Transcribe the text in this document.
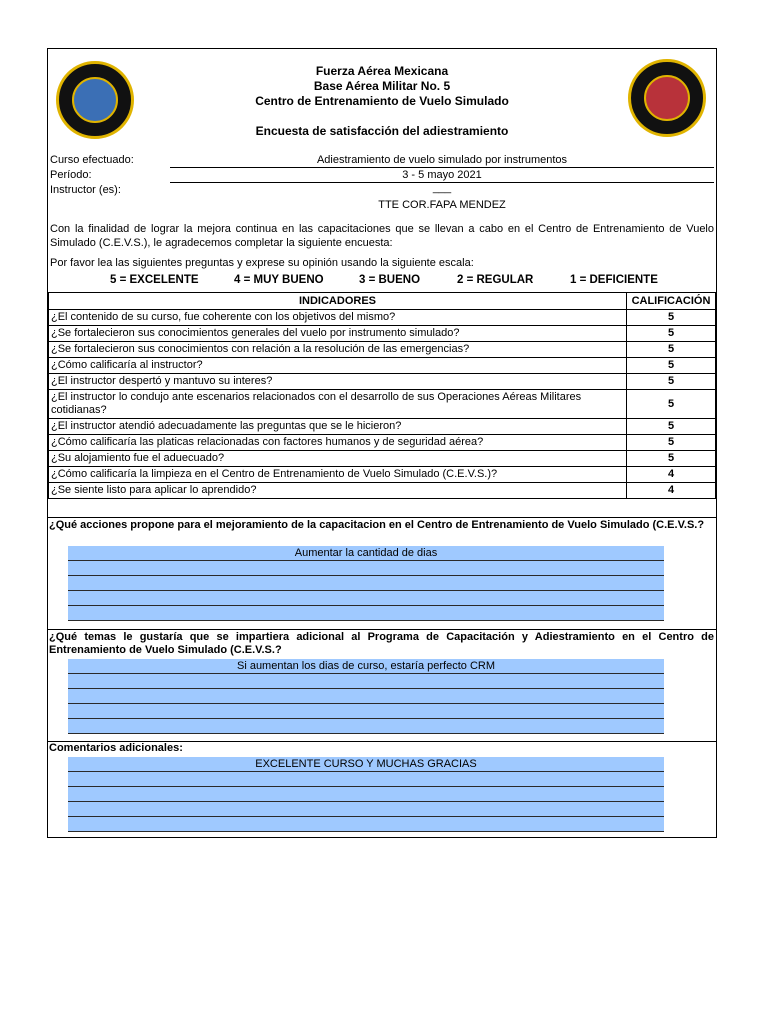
Fuerza Aérea Mexicana
Base Aérea Militar No. 5
Centro de Entrenamiento de Vuelo Simulado
Encuesta de satisfacción del adiestramiento
Curso efectuado:	Adiestramiento de vuelo simulado por instrumentos
Período:	3 - 5 mayo 2021
Instructor (es):	___
TTE COR.FAPA MENDEZ
Con la finalidad de lograr la mejora continua en las capacitaciones que se llevan a cabo en el Centro de Entrenamiento de Vuelo Simulado (C.E.V.S.), le agradecemos completar la siguiente encuesta:
Por favor lea las siguientes preguntas y exprese su opinión usando la siguiente escala:
5 = EXCELENTE	4 = MUY BUENO	3 = BUENO	2 = REGULAR	1 = DEFICIENTE
INDICADORES	CALIFICACIÓN
¿El contenido de su curso, fue coherente con los objetivos del mismo?	5
¿Se fortalecieron sus conocimientos generales del vuelo por instrumento simulado?	5
¿Se fortalecieron sus conocimientos con relación a la resolución de las emergencias?	5
¿Cómo calificaría al instructor?	5
¿El instructor despertó y mantuvo su interes?	5
¿El instructor lo condujo ante escenarios relacionados con el desarrollo de sus Operaciones Aéreas Militares cotidianas?	5
¿El instructor atendió adecuadamente las preguntas que se le hicieron?	5
¿Cómo calificaría las platicas relacionadas con factores humanos y de seguridad aérea?	5
¿Su alojamiento fue el aduecuado?	5
¿Cómo calificaría la limpieza en el Centro de Entrenamiento de Vuelo Simulado (C.E.V.S.)?	4
¿Se siente listo para aplicar lo aprendido?	4
¿Qué acciones propone para el mejoramiento de la capacitacion en el Centro de Entrenamiento de Vuelo Simulado (C.E.V.S.?
Aumentar la cantidad de dias
¿Qué temas le gustaría que se impartiera adicional al Programa de Capacitación y Adiestramiento en el Centro de Entrenamiento de Vuelo Simulado (C.E.V.S.?
Si aumentan los dias de curso, estaría perfecto CRM
Comentarios adicionales:
EXCELENTE CURSO Y MUCHAS GRACIAS
